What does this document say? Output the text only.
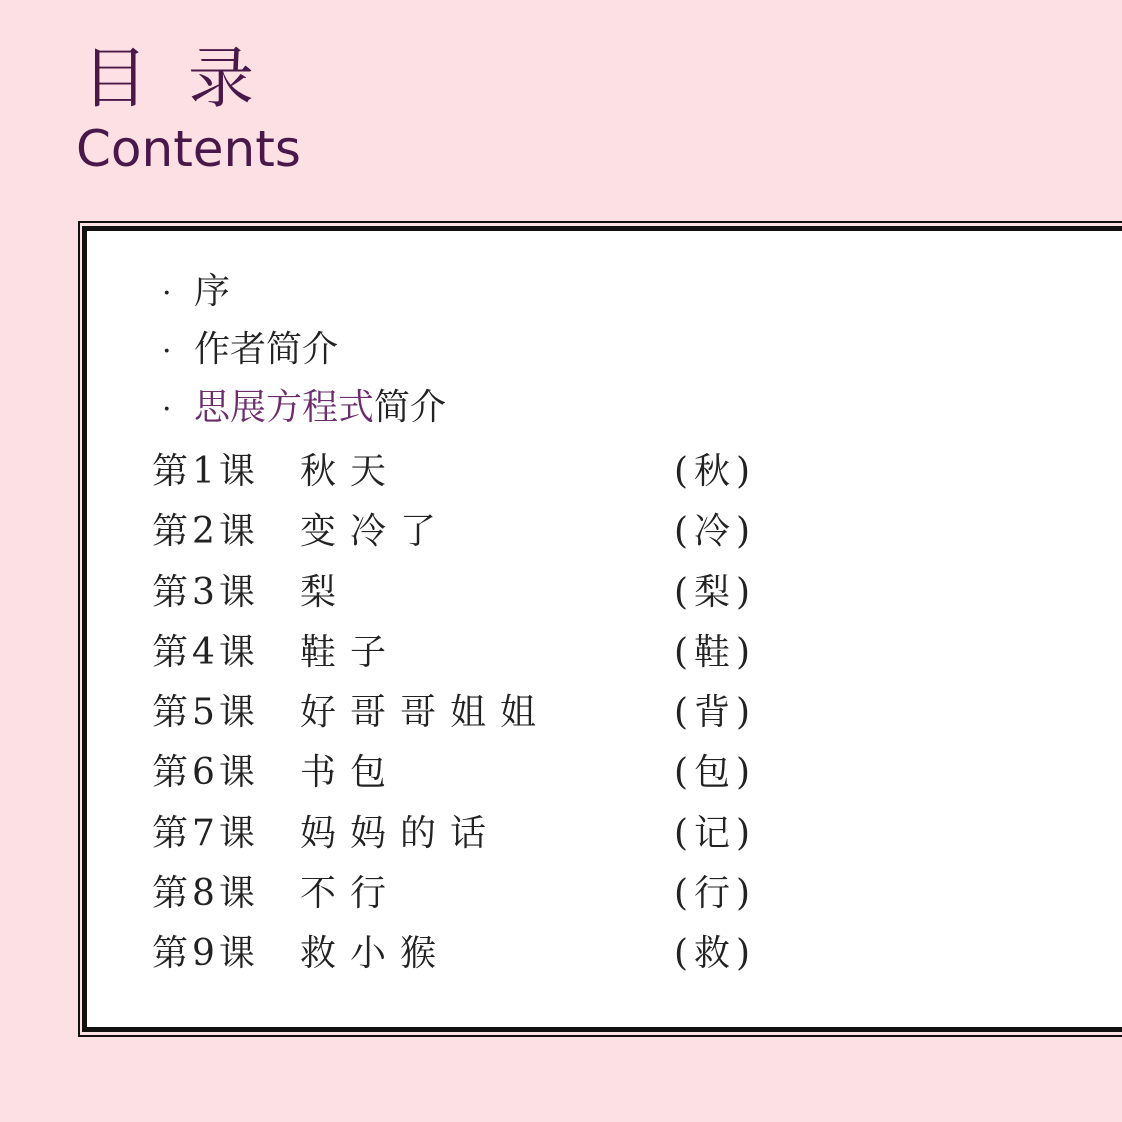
目录
Contents
· 序
· 作者简介
· 思展方程式简介
第1课 秋天	(秋)
第2课 变冷了	(冷)
第3课 梨	(梨)
第4课 鞋子	(鞋)
第5课 好哥哥姐姐	(背)
第6课 书包	(包)
第7课 妈妈的话	(记)
第8课 不行	(行)
第9课 救小猴	(救)
